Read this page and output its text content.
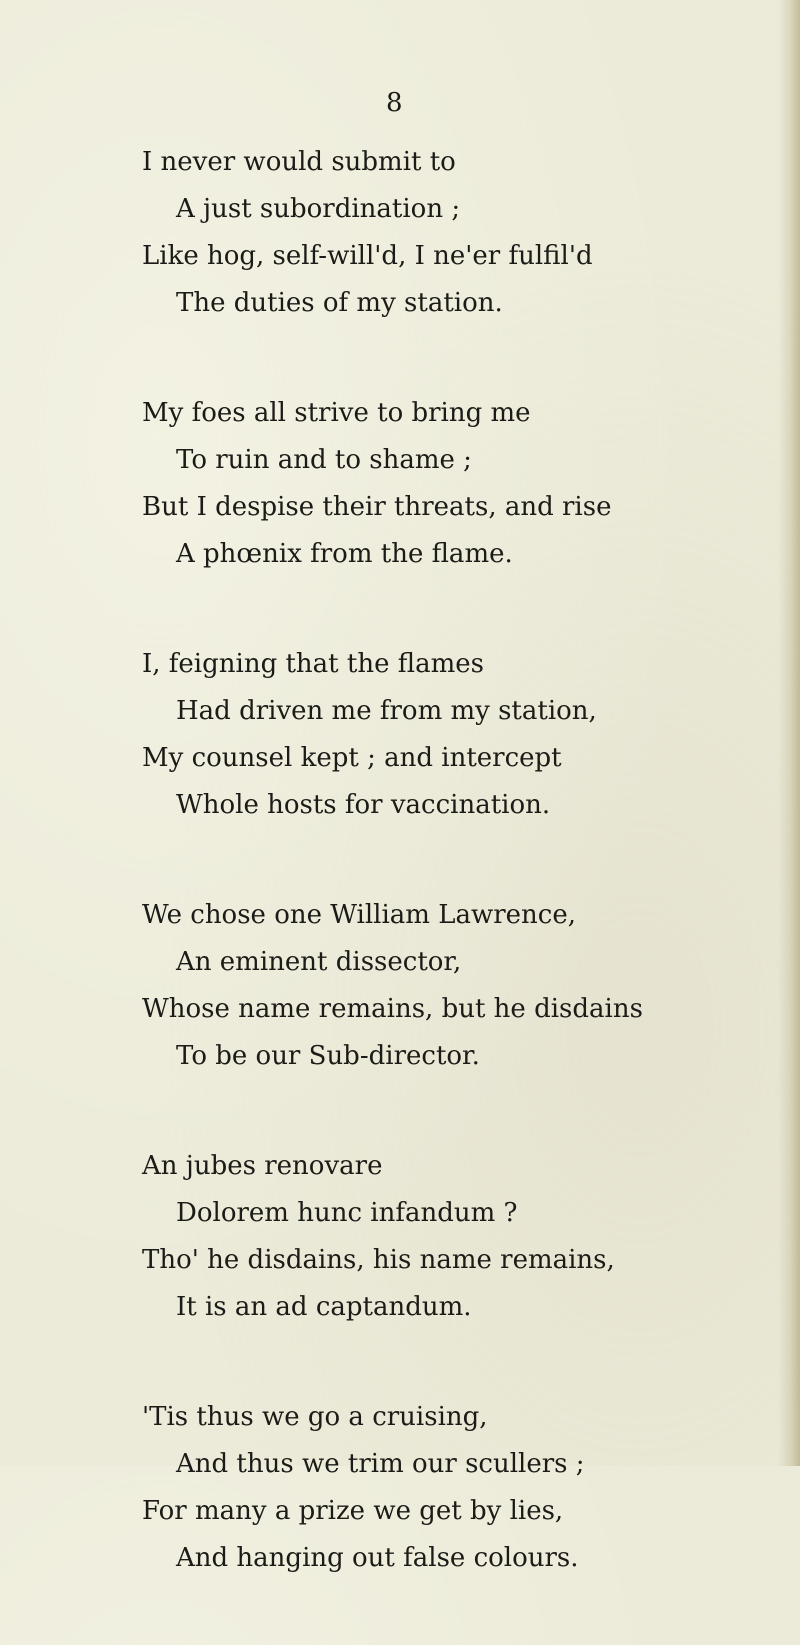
8
I never would submit to
A just subordination ;
Like hog, self-will'd, I ne'er fulfil'd
The duties of my station.
My foes all strive to bring me
To ruin and to shame ;
But I despise their threats, and rise
A phœnix from the flame.
I, feigning that the flames
Had driven me from my station,
My counsel kept ; and intercept
Whole hosts for vaccination.
We chose one William Lawrence,
An eminent dissector,
Whose name remains, but he disdains
To be our Sub-director.
An jubes renovare
Dolorem hunc infandum ?
Tho' he disdains, his name remains,
It is an ad captandum.
'Tis thus we go a cruising,
And thus we trim our scullers ;
For many a prize we get by lies,
And hanging out false colours.
